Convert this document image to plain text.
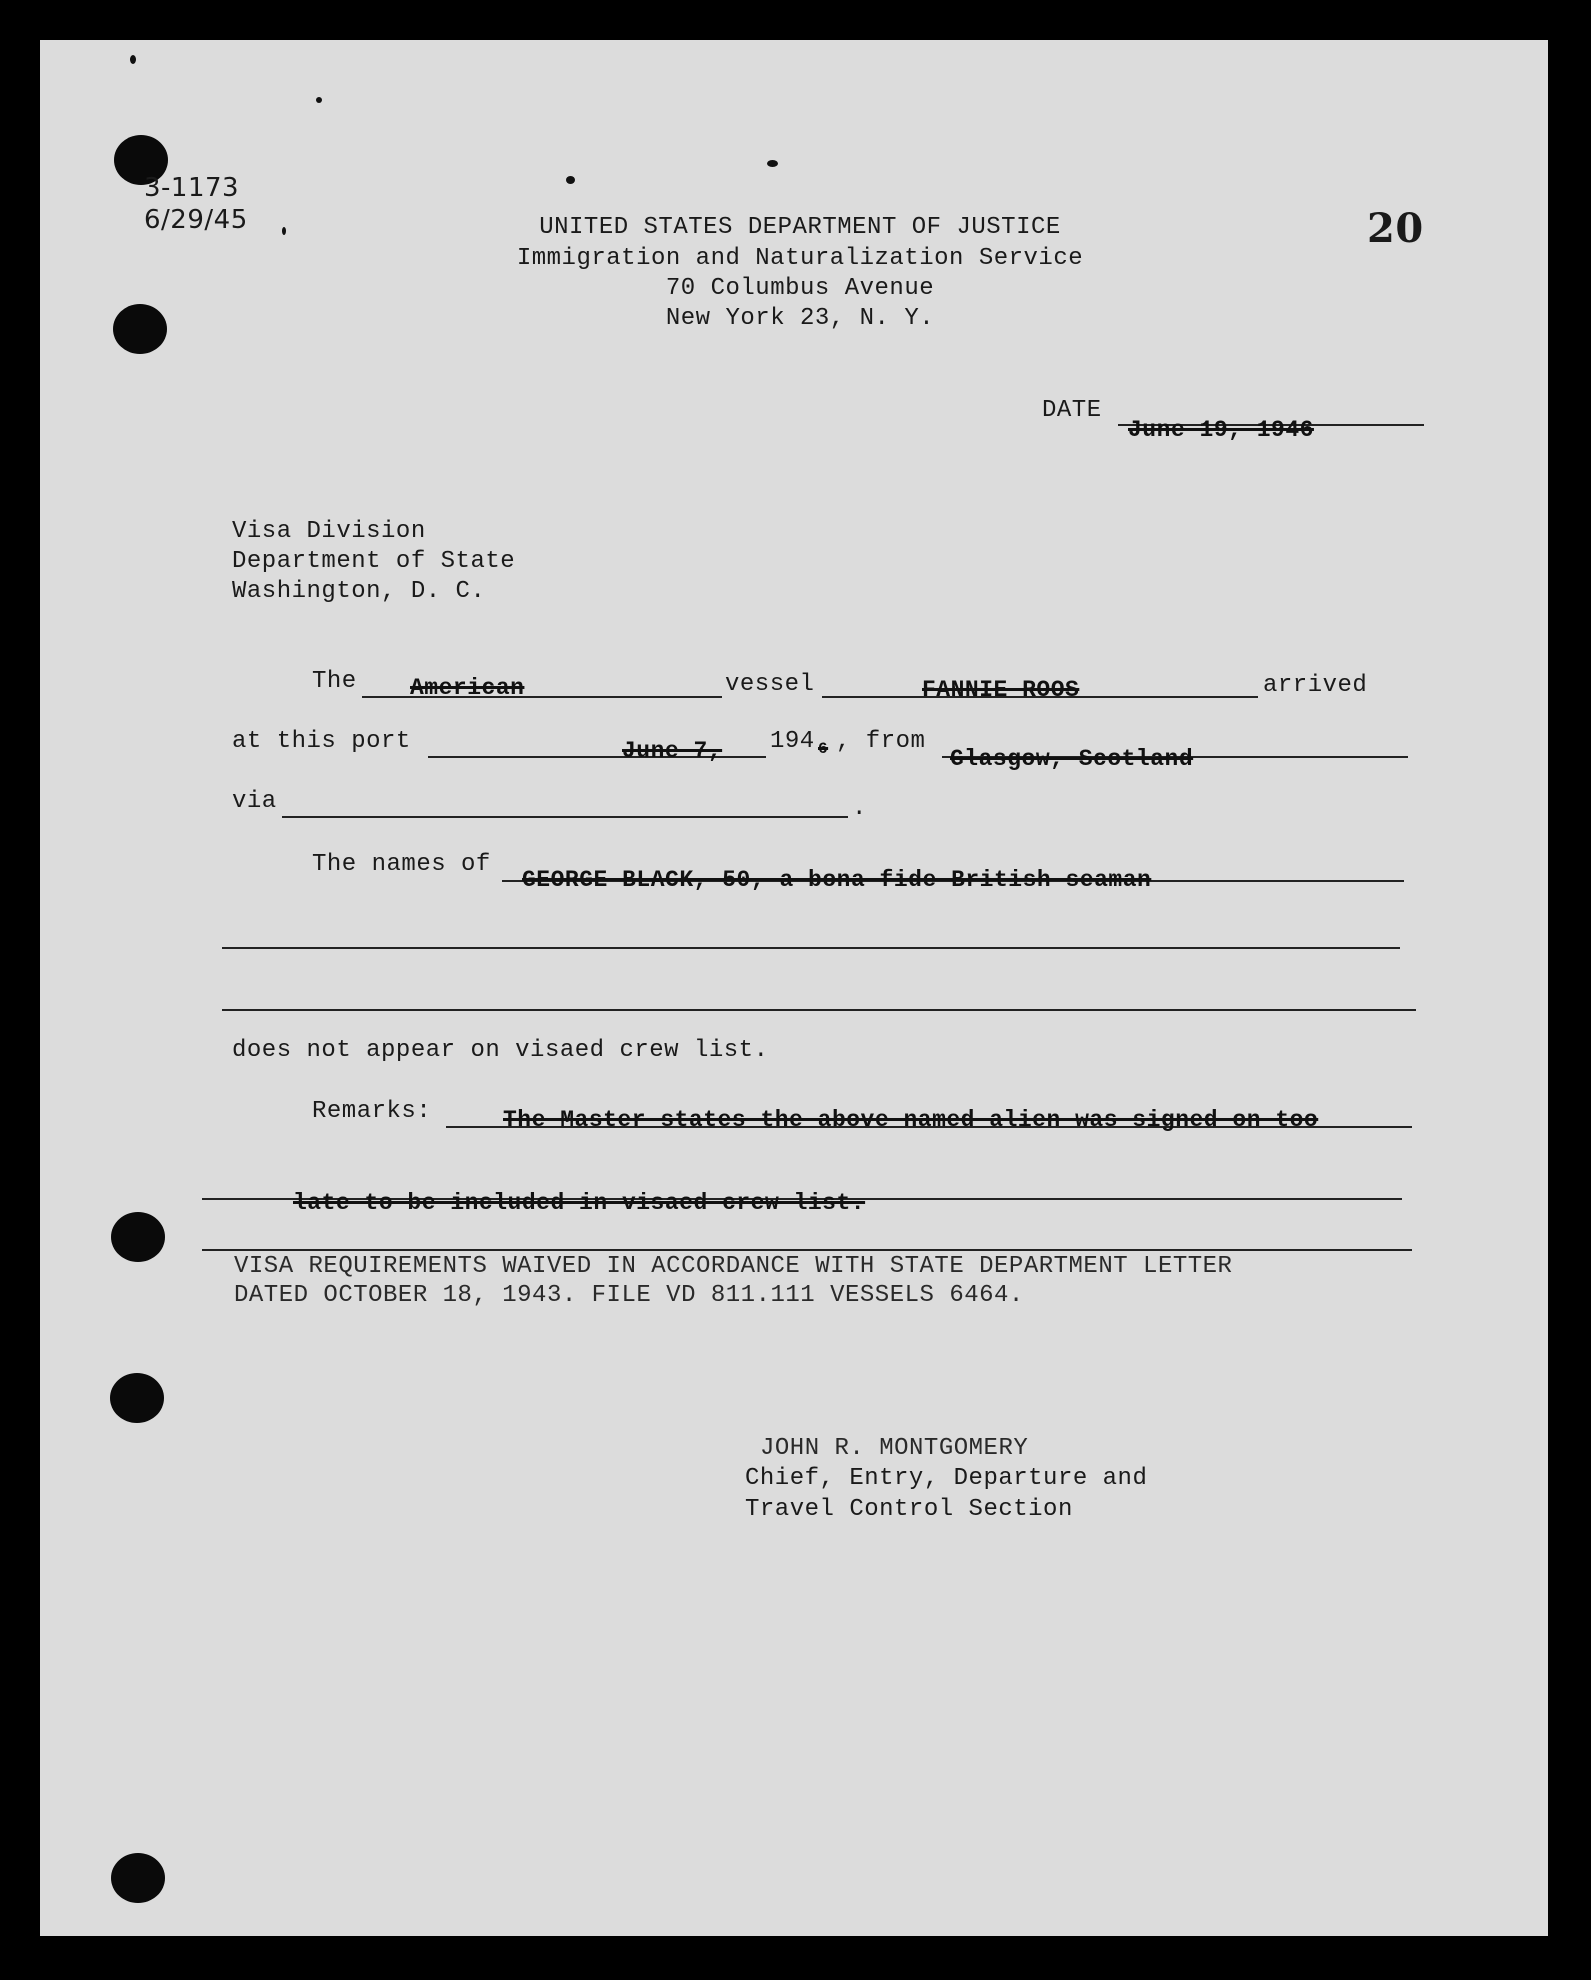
3-1173
6/29/45	20
UNITED STATES DEPARTMENT OF JUSTICE
Immigration and Naturalization Service
70 Columbus Avenue
New York 23, N. Y.
DATE
June 19, 1946
Visa Division
Department of State
Washington, D. C.
The American	vessel	FANNIE ROOS	arrived
at this port	June 7, 194 6 , from
Glasgow, Scotland
via	.
The names of
GEORGE BLACK, 50, a bona fide British seaman
does not appear on visaed crew list.
Remarks:	The Master states the above named alien was signed on too
late to be included in visaed crew list.
VISA REQUIREMENTS WAIVED IN ACCORDANCE WITH STATE DEPARTMENT LETTER
DATED OCTOBER 18, 1943. FILE VD 811.111 VESSELS 6464.
JOHN R. MONTGOMERY
Chief, Entry, Departure and
Travel Control Section
